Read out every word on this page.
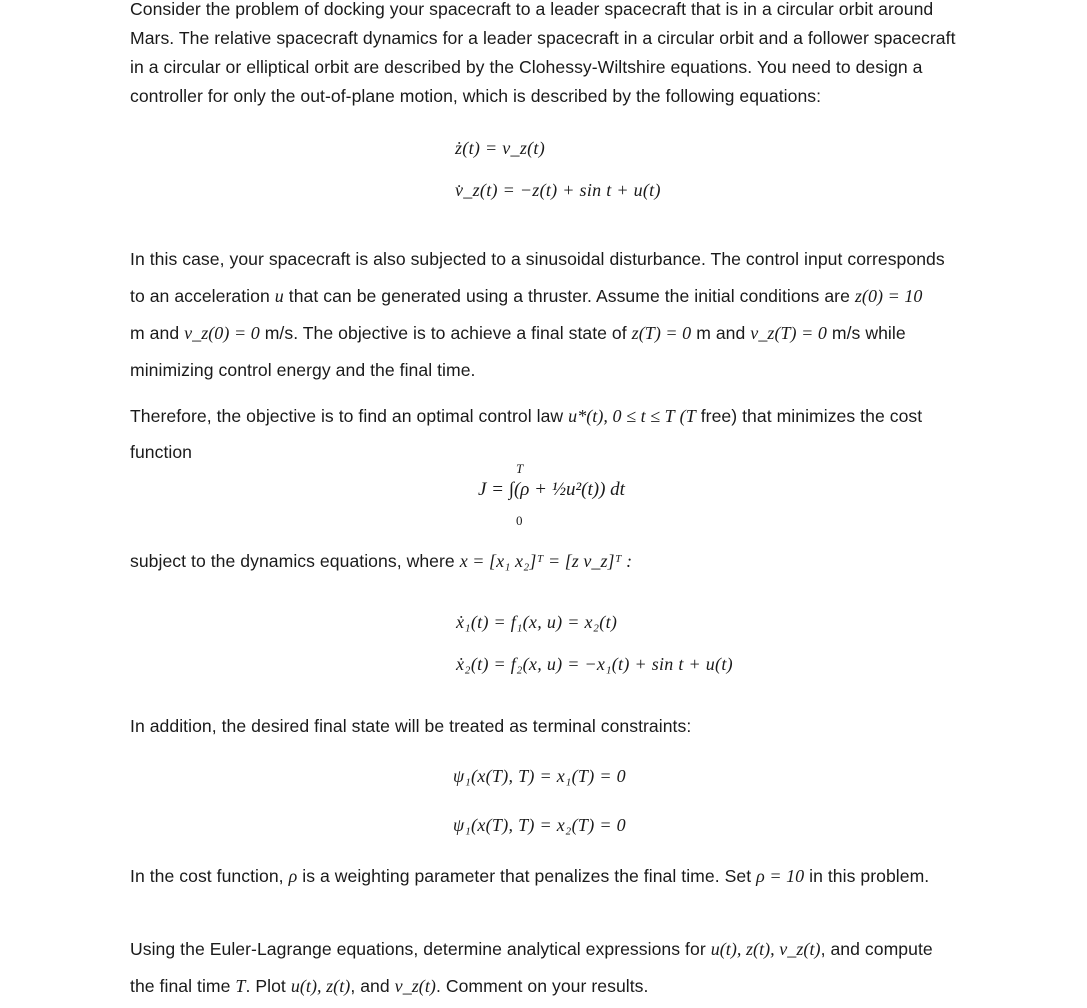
Consider the problem of docking your spacecraft to a leader spacecraft that is in a circular orbit around
Mars. The relative spacecraft dynamics for a leader spacecraft in a circular orbit and a follower spacecraft
in a circular or elliptical orbit are described by the Clohessy-Wiltshire equations. You need to design a
controller for only the out-of-plane motion, which is described by the following equations:
ż(t) = v_z(t)
v̇_z(t) = −z(t) + sin t + u(t)
In this case, your spacecraft is also subjected to a sinusoidal disturbance. The control input corresponds
to an acceleration u that can be generated using a thruster. Assume the initial conditions are z(0) = 10
m and v_z(0) = 0 m/s. The objective is to achieve a final state of z(T) = 0 m and v_z(T) = 0 m/s while
minimizing control energy and the final time.
Therefore, the objective is to find an optimal control law u*(t), 0 ≤ t ≤ T (T free) that minimizes the cost
function
T
J = ∫(ρ + ½u²(t)) dt
0
subject to the dynamics equations, where x = [x₁ x₂]ᵀ = [z v_z]ᵀ :
ẋ₁(t) = f₁(x, u) = x₂(t)
ẋ₂(t) = f₂(x, u) = −x₁(t) + sin t + u(t)
In addition, the desired final state will be treated as terminal constraints:
ψ₁(x(T), T) = x₁(T) = 0
ψ₁(x(T), T) = x₂(T) = 0
In the cost function, ρ is a weighting parameter that penalizes the final time. Set ρ = 10 in this problem.
Using the Euler-Lagrange equations, determine analytical expressions for u(t), z(t), v_z(t), and compute
the final time T. Plot u(t), z(t), and v_z(t). Comment on your results.
